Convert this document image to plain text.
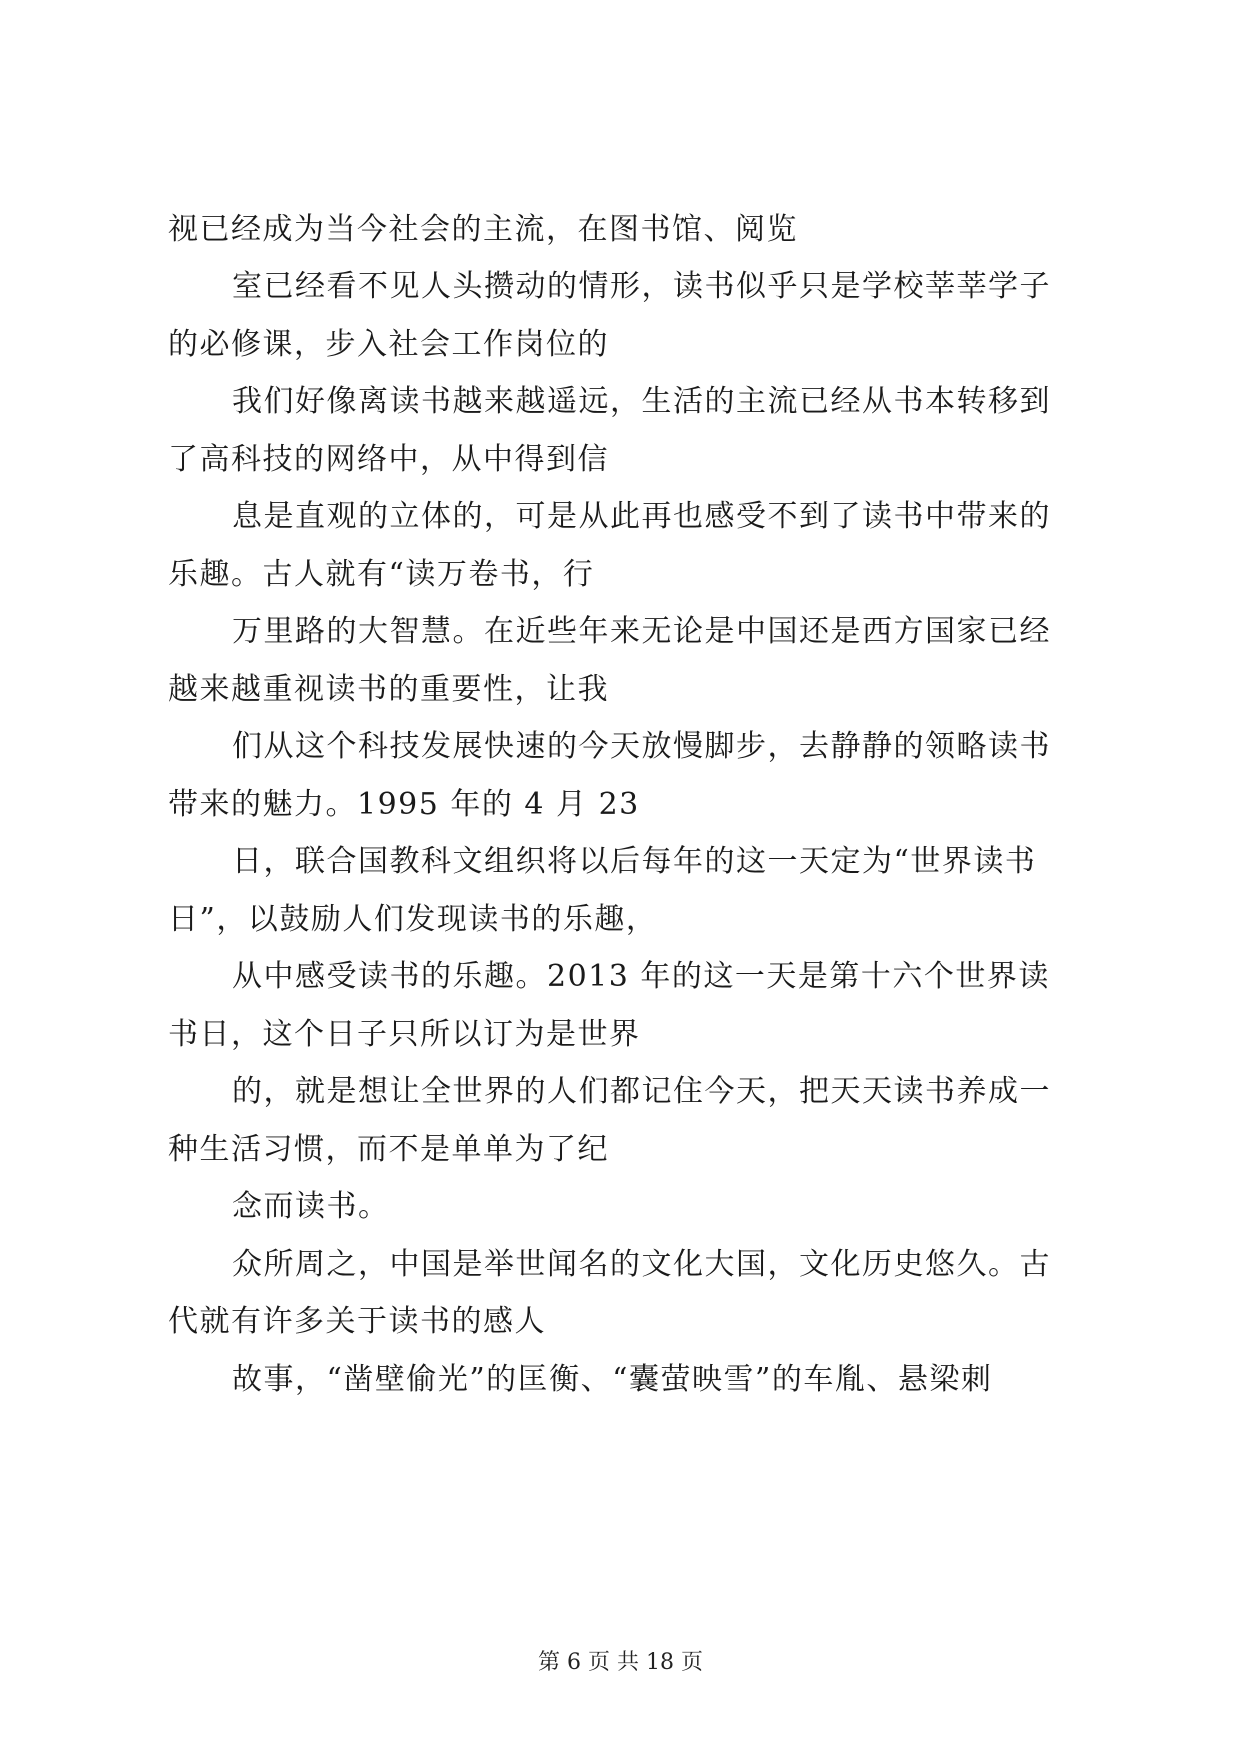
视已经成为当今社会的主流，在图书馆、阅览
室已经看不见人头攒动的情形，读书似乎只是学校莘莘学子
的必修课，步入社会工作岗位的
我们好像离读书越来越遥远，生活的主流已经从书本转移到
了高科技的网络中，从中得到信
息是直观的立体的，可是从此再也感受不到了读书中带来的
乐趣。古人就有“读万卷书，行
万里路的大智慧。在近些年来无论是中国还是西方国家已经
越来越重视读书的重要性，让我
们从这个科技发展快速的今天放慢脚步，去静静的领略读书
带来的魅力。1995 年的 4 月 23
日，联合国教科文组织将以后每年的这一天定为“世界读书
日”，以鼓励人们发现读书的乐趣，
从中感受读书的乐趣。2013 年的这一天是第十六个世界读
书日，这个日子只所以订为是世界
的，就是想让全世界的人们都记住今天，把天天读书养成一
种生活习惯，而不是单单为了纪
念而读书。
众所周之，中国是举世闻名的文化大国，文化历史悠久。古
代就有许多关于读书的感人
故事，“凿壁偷光”的匡衡、“囊萤映雪”的车胤、悬梁刺
第 6 页 共 18 页
